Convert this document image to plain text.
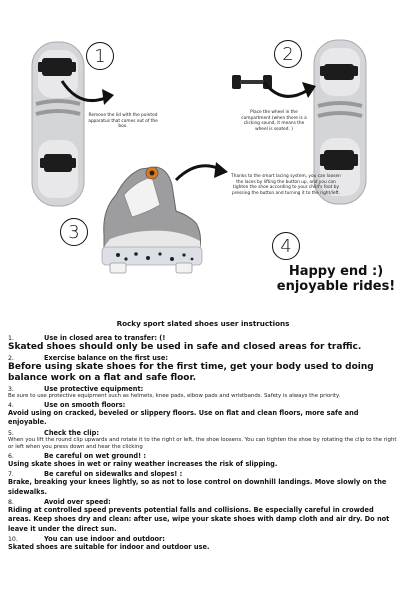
1
Remove the lid with the pointed apparatus that comes out of the box.
2
Place the wheel in the compartment (when there is a clicking sound, it means the wheel is seated. )
3
Thanks to the smart lacing system, you can loosen the laces by lifting the button up, and you can tighten the shoe according to your child's foot by pressing the button and turning it to the right/left.
4
Happy end :)
enjoyable rides!
Rocky sport slated shoes user instructions
1.	Use in closed area to transfer: (!
Skated shoes should only be used in safe and closed areas for traffic.
2.	Exercise balance on the first use:
Before using skate shoes for the first time, get your body used to doing balance work on a flat and safe floor.
3.	Use protective equipment:
Be sure to use protective equipment such as helmets, knee pads, elbow pads and wristbands. Safety is always the priority.
4.	Use on smooth floors:
Avoid using on cracked, beveled or slippery floors. Use on flat and clean floors, more safe and enjoyable.
5.	Check the clip:
When you lift the round clip upwards and rotate it to the right or left, the shoe loosens. You can tighten the shoe by rotating the clip to the right or left when you press down and hear the clicking
6.	Be careful on wet ground! :
Using skate shoes in wet or rainy weather increases the risk of slipping.
7.	Be careful on sidewalks and slopes! :
Brake, breaking your knees lightly, so as not to lose control on downhill landings. Move slowly on the sidewalks.
8.	Avoid over speed:
Riding at controlled speed prevents potential falls and collisions. Be especially careful in crowded areas. Keep shoes dry and clean: after use, wipe your skate shoes with damp cloth and air dry. Do not leave it under the direct sun.
10.	You can use indoor and outdoor:
Skated shoes are suitable for indoor and outdoor use.
